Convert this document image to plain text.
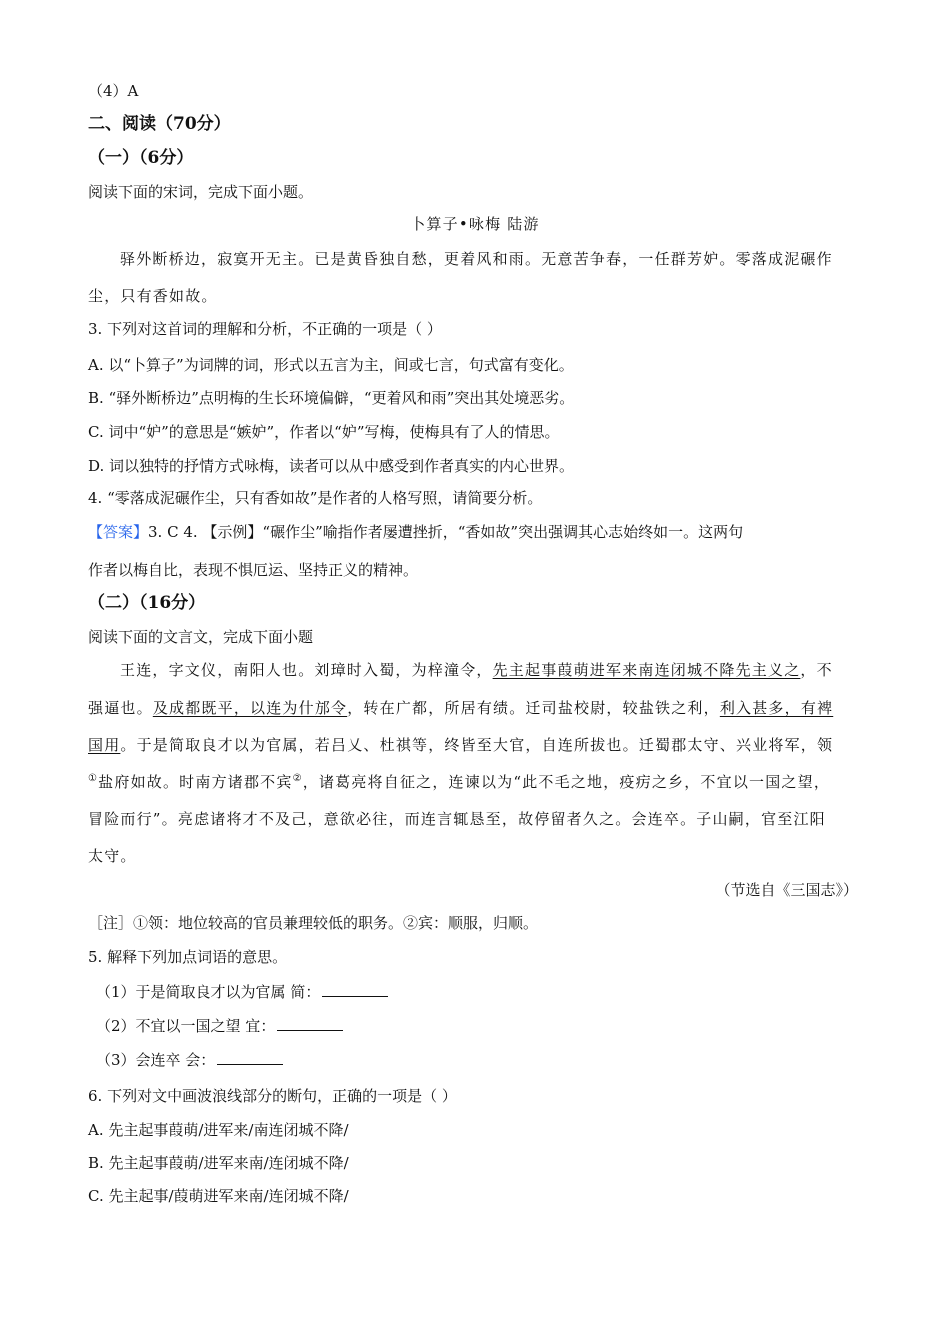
（4）A
二、阅读（70分）
（一）（6分）
阅读下面的宋词，完成下面小题。
卜算子•咏梅 陆游
驿外断桥边，寂寞开无主。已是黄昏独自愁，更着风和雨。无意苦争春，一任群芳妒。零落成泥碾作
尘，只有香如故。
3. 下列对这首词的理解和分析，不正确的一项是（ ）
A. 以“卜算子”为词牌的词，形式以五言为主，间或七言，句式富有变化。
B. “驿外断桥边”点明梅的生长环境偏僻，“更着风和雨”突出其处境恶劣。
C. 词中“妒”的意思是“嫉妒”，作者以“妒”写梅，使梅具有了人的情思。
D. 词以独特的抒情方式咏梅，读者可以从中感受到作者真实的内心世界。
4. “零落成泥碾作尘，只有香如故”是作者的人格写照，请简要分析。
【答案】3. C 4. 【示例】“碾作尘”喻指作者屡遭挫折，“香如故”突出强调其心志始终如一。这两句
作者以梅自比，表现不惧厄运、坚持正义的精神。
（二）（16分）
阅读下面的文言文，完成下面小题
王连，字文仪，南阳人也。刘璋时入蜀，为梓潼令，先主起事葭萌进军来南连闭城不降先主义之，不
强逼也。及成都既平，以连为什邡令，转在广都，所居有绩。迁司盐校尉，较盐铁之利，利入甚多，有裨
国用。于是简取良才以为官属，若吕乂、杜祺等，终皆至大官，自连所拔也。迁蜀郡太守、兴业将军，领
①盐府如故。时南方诸郡不宾②，诸葛亮将自征之，连谏以为“此不毛之地，疫疠之乡，不宜以一国之望，
冒险而行”。亮虑诸将才不及己，意欲必往，而连言辄恳至，故停留者久之。会连卒。子山嗣，官至江阳
太守。
（节选自《三国志》）
［注］①领：地位较高的官员兼理较低的职务。②宾：顺服，归顺。
5. 解释下列加点词语的意思。
（1）于是简取良才以为官属 简：
（2）不宜以一国之望 宜：
（3）会连卒 会：
6. 下列对文中画波浪线部分的断句，正确的一项是（ ）
A. 先主起事葭萌/进军来/南连闭城不降/
B. 先主起事葭萌/进军来南/连闭城不降/
C. 先主起事/葭萌进军来南/连闭城不降/
